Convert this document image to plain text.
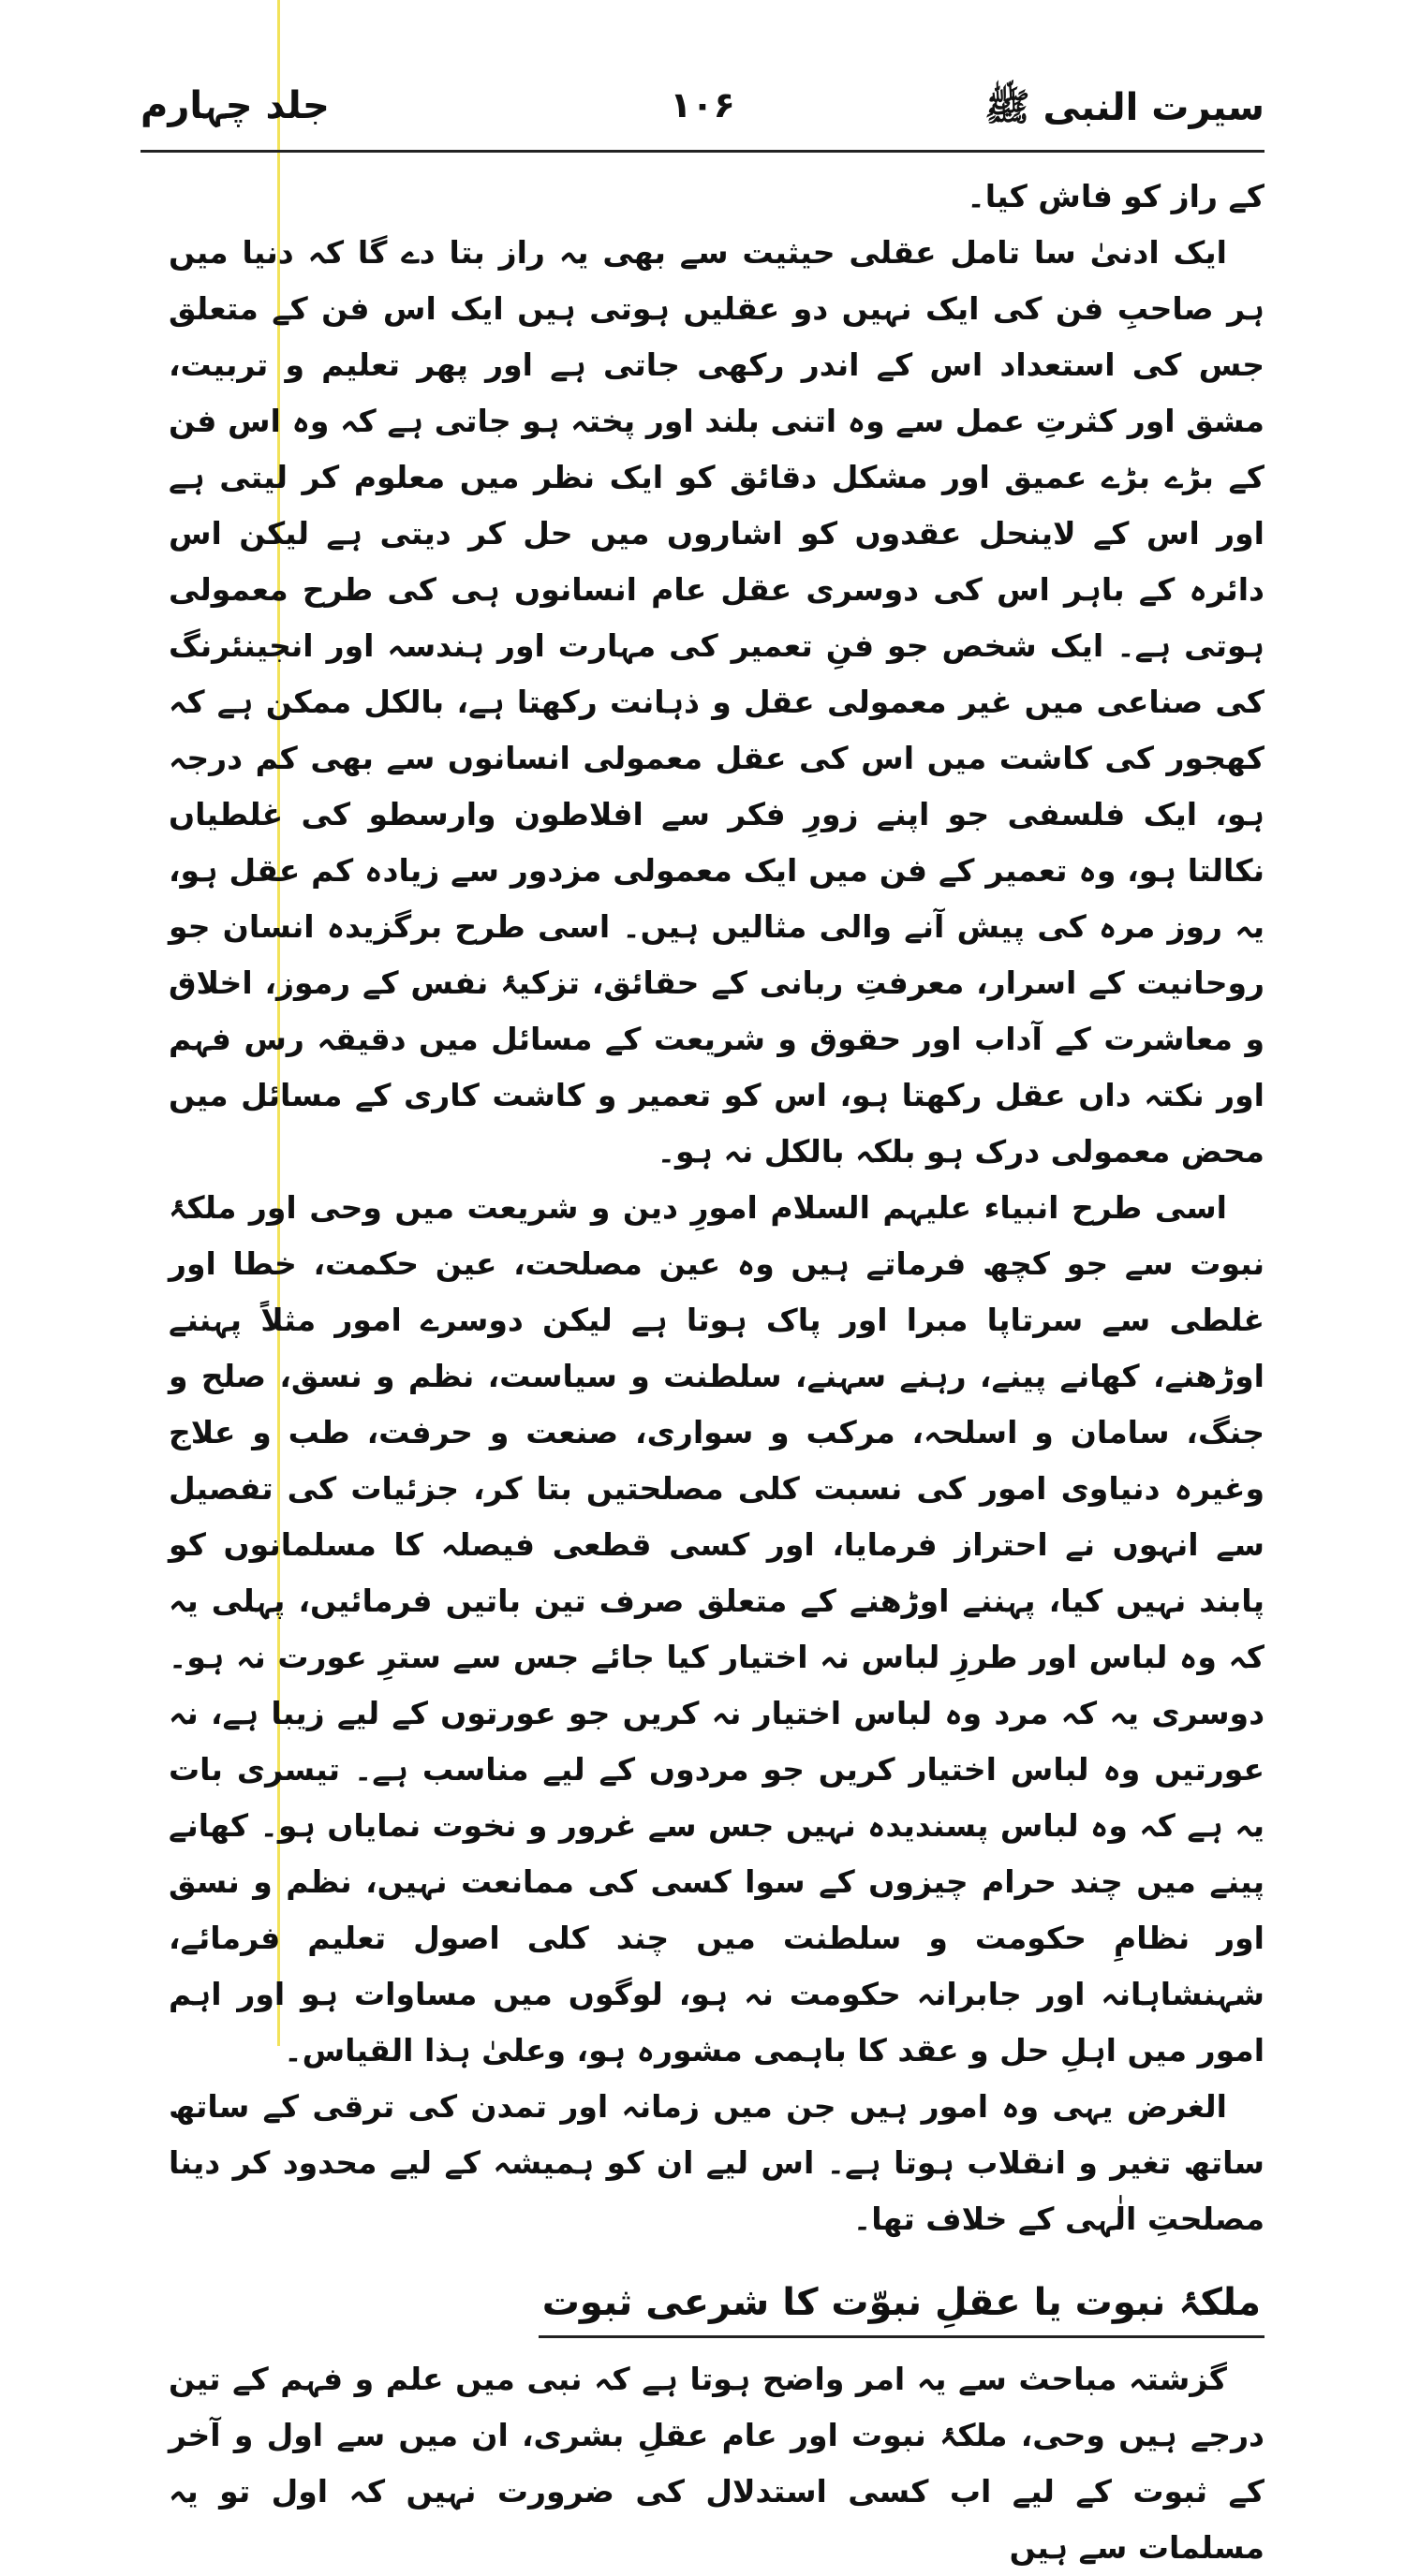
سیرت النبی ﷺ
۱۰۶
جلد چہارم

کے راز کو فاش کیا۔

ایک ادنیٰ سا تامل عقلی حیثیت سے بھی یہ راز بتا دے گا کہ دنیا میں ہر صاحبِ فن کی ایک نہیں دو عقلیں ہوتی ہیں ایک اس فن کے متعلق جس کی استعداد اس کے اندر رکھی جاتی ہے اور پھر تعلیم و تربیت، مشق اور کثرتِ عمل سے وہ اتنی بلند اور پختہ ہو جاتی ہے کہ وہ اس فن کے بڑے بڑے عمیق اور مشکل دقائق کو ایک نظر میں معلوم کر لیتی ہے اور اس کے لاینحل عقدوں کو اشاروں میں حل کر دیتی ہے لیکن اس دائرہ کے باہر اس کی دوسری عقل عام انسانوں ہی کی طرح معمولی ہوتی ہے۔ ایک شخص جو فنِ تعمیر کی مہارت اور ہندسہ اور انجینئرنگ کی صناعی میں غیر معمولی عقل و ذہانت رکھتا ہے، بالکل ممکن ہے کہ کھجور کی کاشت میں اس کی عقل معمولی انسانوں سے بھی کم درجہ ہو، ایک فلسفی جو اپنے زورِ فکر سے افلاطون وارسطو کی غلطیاں نکالتا ہو، وہ تعمیر کے فن میں ایک معمولی مزدور سے زیادہ کم عقل ہو، یہ روز مرہ کی پیش آنے والی مثالیں ہیں۔ اسی طرح برگزیدہ انسان جو روحانیت کے اسرار، معرفتِ ربانی کے حقائق، تزکیۂ نفس کے رموز، اخلاق و معاشرت کے آداب اور حقوق و شریعت کے مسائل میں دقیقہ رس فہم اور نکتہ داں عقل رکھتا ہو، اس کو تعمیر و کاشت کاری کے مسائل میں محض معمولی درک ہو بلکہ بالکل نہ ہو۔

اسی طرح انبیاء علیہم السلام امورِ دین و شریعت میں وحی اور ملکۂ نبوت سے جو کچھ فرماتے ہیں وہ عین مصلحت، عین حکمت، خطا اور غلطی سے سرتاپا مبرا اور پاک ہوتا ہے لیکن دوسرے امور مثلاً پہننے اوڑھنے، کھانے پینے، رہنے سہنے، سلطنت و سیاست، نظم و نسق، صلح و جنگ، سامان و اسلحہ، مرکب و سواری، صنعت و حرفت، طب و علاج وغیرہ دنیاوی امور کی نسبت کلی مصلحتیں بتا کر، جزئیات کی تفصیل سے انہوں نے احتراز فرمایا، اور کسی قطعی فیصلہ کا مسلمانوں کو پابند نہیں کیا، پہننے اوڑھنے کے متعلق صرف تین باتیں فرمائیں، پہلی یہ کہ وہ لباس اور طرزِ لباس نہ اختیار کیا جائے جس سے سترِ عورت نہ ہو۔ دوسری یہ کہ مرد وہ لباس اختیار نہ کریں جو عورتوں کے لیے زیبا ہے، نہ عورتیں وہ لباس اختیار کریں جو مردوں کے لیے مناسب ہے۔ تیسری بات یہ ہے کہ وہ لباس پسندیدہ نہیں جس سے غرور و نخوت نمایاں ہو۔ کھانے پینے میں چند حرام چیزوں کے سوا کسی کی ممانعت نہیں، نظم و نسق اور نظامِ حکومت و سلطنت میں چند کلی اصول تعلیم فرمائے، شہنشاہانہ اور جابرانہ حکومت نہ ہو، لوگوں میں مساوات ہو اور اہم امور میں اہلِ حل و عقد کا باہمی مشورہ ہو، وعلیٰ ہذا القیاس۔

الغرض یہی وہ امور ہیں جن میں زمانہ اور تمدن کی ترقی کے ساتھ ساتھ تغیر و انقلاب ہوتا ہے۔ اس لیے ان کو ہمیشہ کے لیے محدود کر دینا مصلحتِ الٰہی کے خلاف تھا۔

ملکۂ نبوت یا عقلِ نبوّت کا شرعی ثبوت

گزشتہ مباحث سے یہ امر واضح ہوتا ہے کہ نبی میں علم و فہم کے تین درجے ہیں وحی، ملکۂ نبوت اور عام عقلِ بشری، ان میں سے اول و آخر کے ثبوت کے لیے اب کسی استدلال کی ضرورت نہیں کہ اول تو یہ مسلمات سے ہیں
